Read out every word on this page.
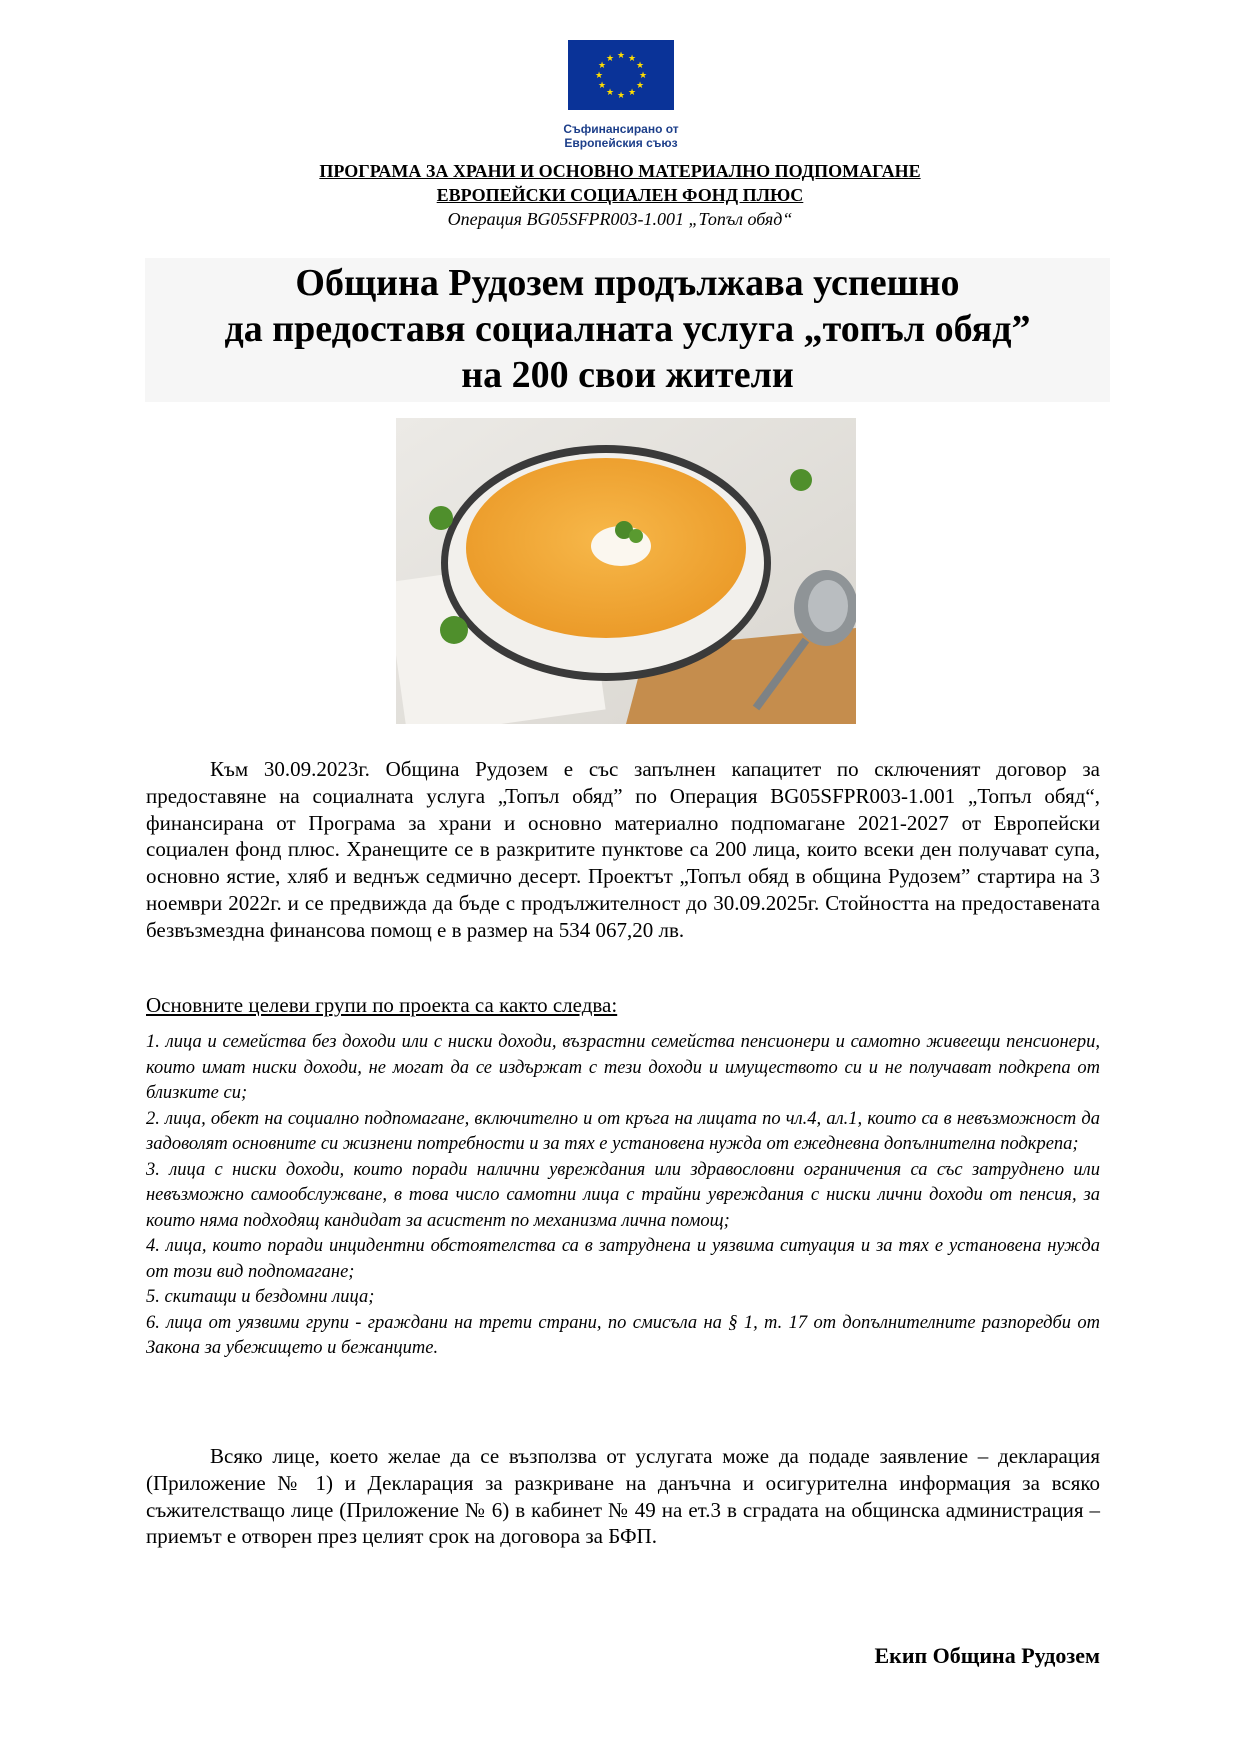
★ ★
★
★
★
★
★
★
★
★
★
★
Съфинансирано от
Европейския съюз
ПРОГРАМА ЗА ХРАНИ И ОСНОВНО МАТЕРИАЛНО ПОДПОМАГАНЕ
ЕВРОПЕЙСКИ СОЦИАЛЕН ФОНД ПЛЮС
Операция BG05SFPR003-1.001 „Топъл обяд“
Община Рудозем продължава успешно
да предоставя социалната услуга „топъл обяд”
на 200 свои жители
Към 30.09.2023г. Община Рудозем е със запълнен капацитет по сключеният договор за предоставяне на социалната услуга „Топъл обяд” по Операция BG05SFPR003-1.001 „Топъл обяд“, финансирана от Програма за храни и основно материално подпомагане 2021-2027 от Европейски социален фонд плюс. Хранещите се в разкритите пунктове са 200 лица, които всеки ден получават супа, основно ястие, хляб и веднъж седмично десерт. Проектът „Топъл обяд в община Рудозем” стартира на 3 ноември 2022г. и се предвижда да бъде с продължителност до 30.09.2025г. Стойността на предоставената безвъзмездна финансова помощ е в размер на 534 067,20 лв.
Основните целеви групи по проекта са както следва:
1. лица и семейства без доходи или с ниски доходи, възрастни семейства пенсионери и самотно живеещи пенсионери, които имат ниски доходи, не могат да се издържат с тези доходи и имуществото си и не получават подкрепа от близките си;
2. лица, обект на социално подпомагане, включително и от кръга на лицата по чл.4, ал.1, които са в невъзможност да задоволят основните си жизнени потребности и за тях е установена нужда от ежедневна допълнителна подкрепа;
3. лица с ниски доходи, които поради налични увреждания или здравословни ограничения са със затруднено или невъзможно самообслужване, в това число самотни лица с трайни увреждания с ниски лични доходи от пенсия, за които няма подходящ кандидат за асистент по механизма лична помощ;
4. лица, които поради инцидентни обстоятелства са в затруднена и уязвима ситуация и за тях е установена нужда от този вид подпомагане;
5. скитащи и бездомни лица;
6. лица от уязвими групи - граждани на трети страни, по смисъла на § 1, т. 17 от допълнителните разпоредби от Закона за убежището и бежанците.
Всяко лице, което желае да се възползва от услугата може да подаде заявление – декларация (Приложение № 1) и Декларация за разкриване на данъчна и осигурителна информация за всяко съжителстващо лице (Приложение № 6) в кабинет № 49 на ет.3 в сградата на общинска администрация – приемът е отворен през целият срок на договора за БФП.
Екип Община Рудозем
